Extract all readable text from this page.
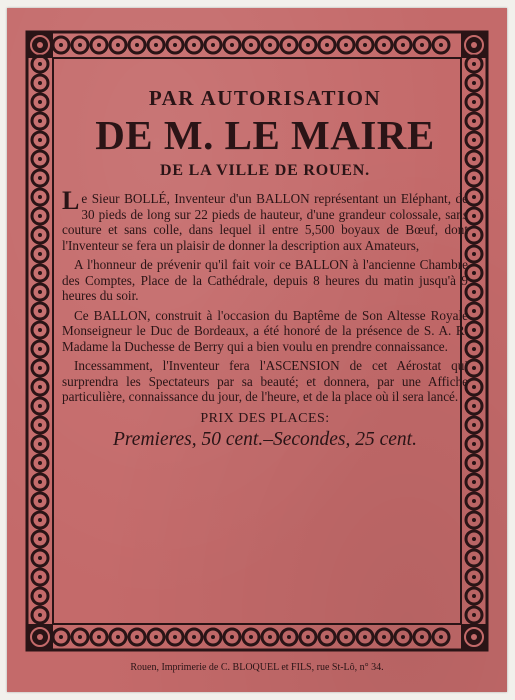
PAR AUTORISATION
DE M. LE MAIRE
DE LA VILLE DE ROUEN.

Le Sieur BOLLÉ, Inventeur d'un BALLON représentant un Eléphant, de 30 pieds de long sur 22 pieds de hauteur, d'une grandeur colossale, sans couture et sans colle, dans lequel il entre 5,500 boyaux de Bœuf, dont l'Inventeur se fera un plaisir de donner la description aux Amateurs,

A l'honneur de prévenir qu'il fait voir ce BALLON à l'ancienne Chambre des Comptes, Place de la Cathédrale, depuis 8 heures du matin jusqu'à 9 heures du soir.

Ce BALLON, construit à l'occasion du Baptême de Son Altesse Royale Monseigneur le Duc de Bordeaux, a été honoré de la présence de S. A. R. Madame la Duchesse de Berry qui a bien voulu en prendre connaissance.

Incessamment, l'Inventeur fera l'ASCENSION de cet Aérostat qui surprendra les Spectateurs par sa beauté; et donnera, par une Affiche particulière, connaissance du jour, de l'heure, et de la place où il sera lancé.

PRIX DES PLACES:
Premieres, 50 cent.–Secondes, 25 cent.
Rouen, Imprimerie de C. BLOQUEL et FILS, rue St-Lô, n° 34.
